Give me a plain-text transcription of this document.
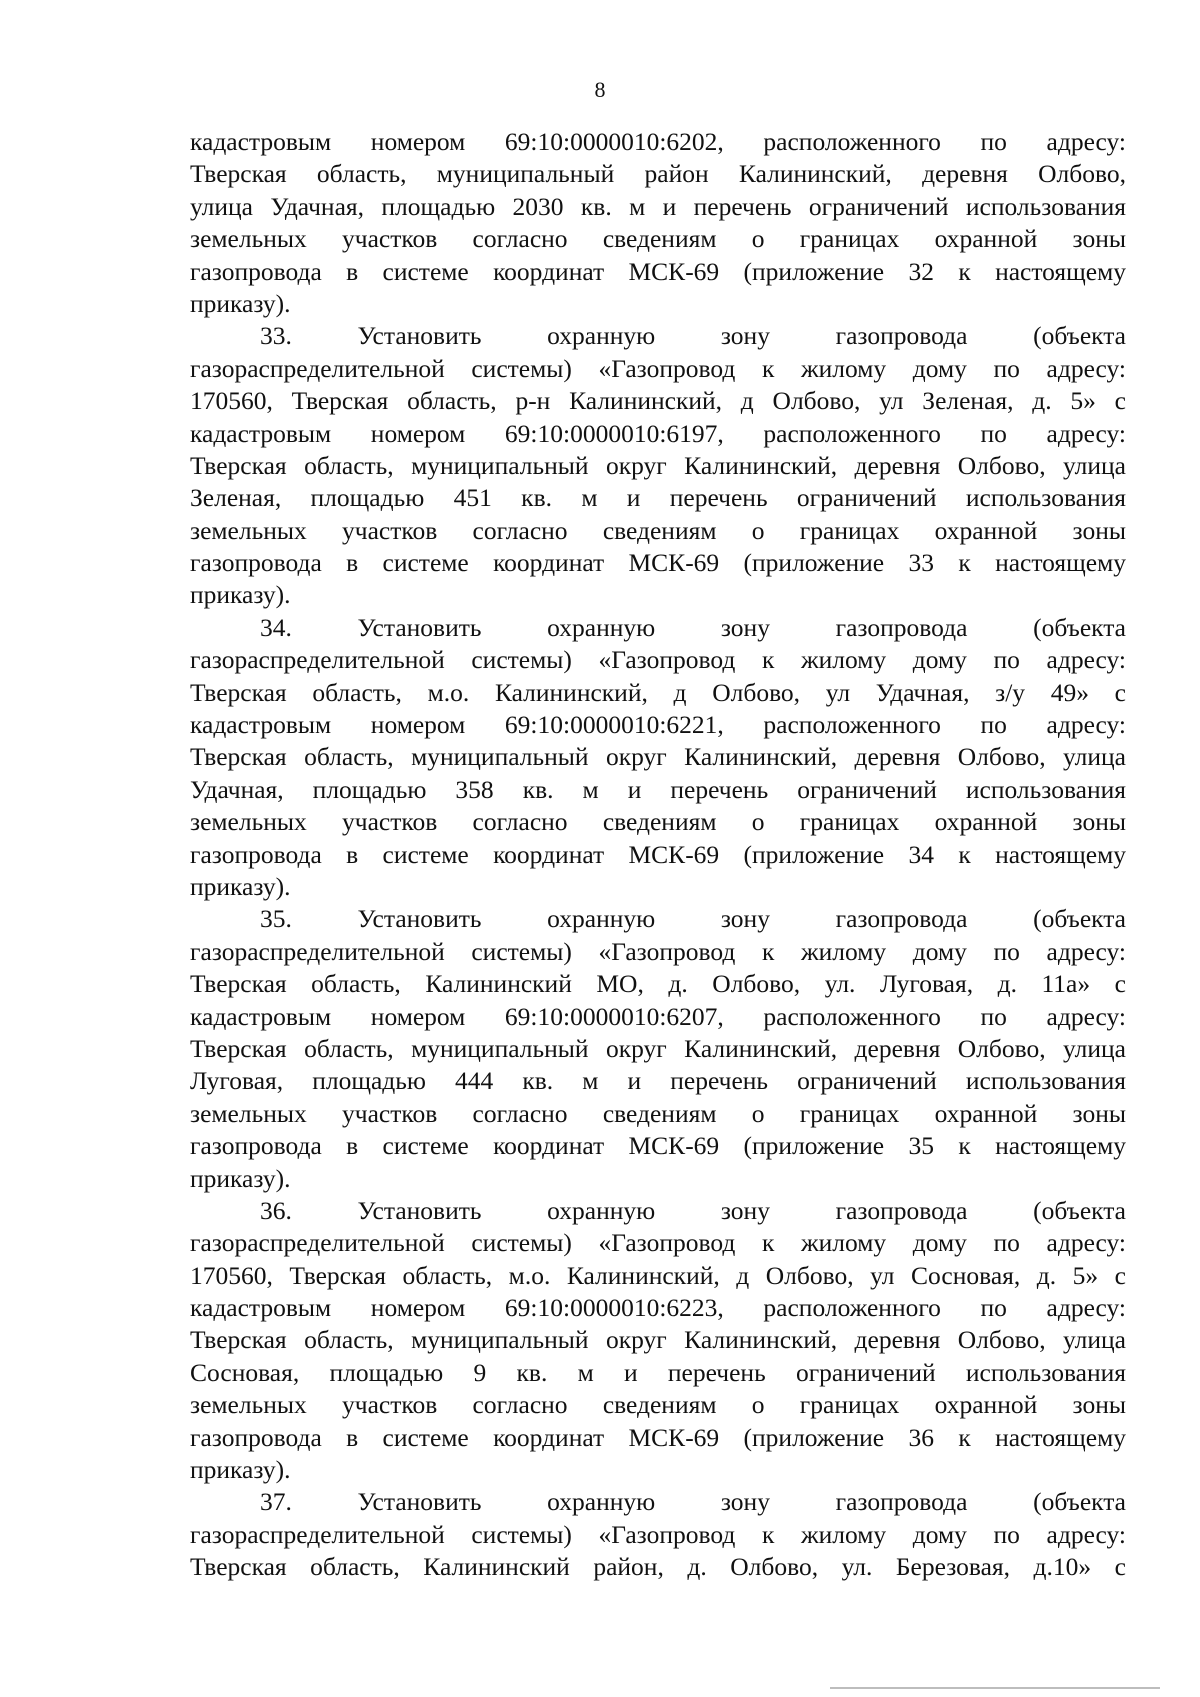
8
кадастровым номером 69:10:0000010:6202, расположенного по адресу:
Тверская область, муниципальный район Калининский, деревня Олбово,
улица Удачная, площадью 2030 кв. м и перечень ограничений использования
земельных участков согласно сведениям о границах охранной зоны
газопровода в системе координат МСК-69 (приложение 32 к настоящему
приказу).
33. Установить охранную зону газопровода (объекта
газораспределительной системы) «Газопровод к жилому дому по адресу:
170560, Тверская область, р-н Калининский, д Олбово, ул Зеленая, д. 5» с
кадастровым номером 69:10:0000010:6197, расположенного по адресу:
Тверская область, муниципальный округ Калининский, деревня Олбово, улица
Зеленая, площадью 451 кв. м и перечень ограничений использования
земельных участков согласно сведениям о границах охранной зоны
газопровода в системе координат МСК-69 (приложение 33 к настоящему
приказу).
34. Установить охранную зону газопровода (объекта
газораспределительной системы) «Газопровод к жилому дому по адресу:
Тверская область, м.о. Калининский, д Олбово, ул Удачная, з/у 49» с
кадастровым номером 69:10:0000010:6221, расположенного по адресу:
Тверская область, муниципальный округ Калининский, деревня Олбово, улица
Удачная, площадью 358 кв. м и перечень ограничений использования
земельных участков согласно сведениям о границах охранной зоны
газопровода в системе координат МСК-69 (приложение 34 к настоящему
приказу).
35. Установить охранную зону газопровода (объекта
газораспределительной системы) «Газопровод к жилому дому по адресу:
Тверская область, Калининский МО, д. Олбово, ул. Луговая, д. 11а» с
кадастровым номером 69:10:0000010:6207, расположенного по адресу:
Тверская область, муниципальный округ Калининский, деревня Олбово, улица
Луговая, площадью 444 кв. м и перечень ограничений использования
земельных участков согласно сведениям о границах охранной зоны
газопровода в системе координат МСК-69 (приложение 35 к настоящему
приказу).
36. Установить охранную зону газопровода (объекта
газораспределительной системы) «Газопровод к жилому дому по адресу:
170560, Тверская область, м.о. Калининский, д Олбово, ул Сосновая, д. 5» с
кадастровым номером 69:10:0000010:6223, расположенного по адресу:
Тверская область, муниципальный округ Калининский, деревня Олбово, улица
Сосновая, площадью 9 кв. м и перечень ограничений использования
земельных участков согласно сведениям о границах охранной зоны
газопровода в системе координат МСК-69 (приложение 36 к настоящему
приказу).
37. Установить охранную зону газопровода (объекта
газораспределительной системы) «Газопровод к жилому дому по адресу:
Тверская область, Калининский район, д. Олбово, ул. Березовая, д.10» с
